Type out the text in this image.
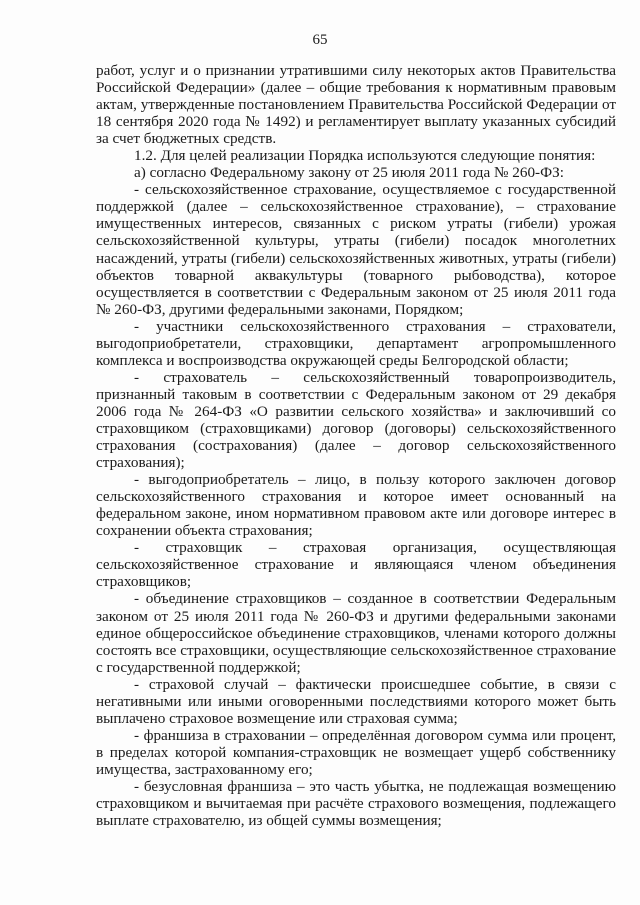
65

работ, услуг и о признании утратившими силу некоторых актов Правительства Российской Федерации» (далее – общие требования к нормативным правовым актам, утвержденные постановлением Правительства Российской Федерации от 18 сентября 2020 года № 1492) и регламентирует выплату указанных субсидий за счет бюджетных средств.

1.2. Для целей реализации Порядка используются следующие понятия:

а) согласно Федеральному закону от 25 июля 2011 года № 260-ФЗ:

- сельскохозяйственное страхование, осуществляемое с государственной поддержкой (далее – сельскохозяйственное страхование), – страхование имущественных интересов, связанных с риском утраты (гибели) урожая сельскохозяйственной культуры, утраты (гибели) посадок многолетних насаждений, утраты (гибели) сельскохозяйственных животных, утраты (гибели) объектов товарной аквакультуры (товарного рыбоводства), которое осуществляется в соответствии с Федеральным законом от 25 июля 2011 года № 260-ФЗ, другими федеральными законами, Порядком;

- участники сельскохозяйственного страхования – страхователи, выгодоприобретатели, страховщики, департамент агропромышленного комплекса и воспроизводства окружающей среды Белгородской области;

- страхователь – сельскохозяйственный товаропроизводитель, признанный таковым в соответствии с Федеральным законом от 29 декабря 2006 года № 264-ФЗ «О развитии сельского хозяйства» и заключивший со страховщиком (страховщиками) договор (договоры) сельскохозяйственного страхования (сострахования) (далее – договор сельскохозяйственного страхования);

- выгодоприобретатель – лицо, в пользу которого заключен договор сельскохозяйственного страхования и которое имеет основанный на федеральном законе, ином нормативном правовом акте или договоре интерес в сохранении объекта страхования;

- страховщик – страховая организация, осуществляющая сельскохозяйственное страхование и являющаяся членом объединения страховщиков;

- объединение страховщиков – созданное в соответствии Федеральным законом от 25 июля 2011 года № 260-ФЗ и другими федеральными законами единое общероссийское объединение страховщиков, членами которого должны состоять все страховщики, осуществляющие сельскохозяйственное страхование с государственной поддержкой;

- страховой случай – фактически происшедшее событие, в связи с негативными или иными оговоренными последствиями которого может быть выплачено страховое возмещение или страховая сумма;

- франшиза в страховании – определённая договором сумма или процент, в пределах которой компания-страховщик не возмещает ущерб собственнику имущества, застрахованному его;

- безусловная франшиза – это часть убытка, не подлежащая возмещению страховщиком и вычитаемая при расчёте страхового возмещения, подлежащего выплате страхователю, из общей суммы возмещения;
